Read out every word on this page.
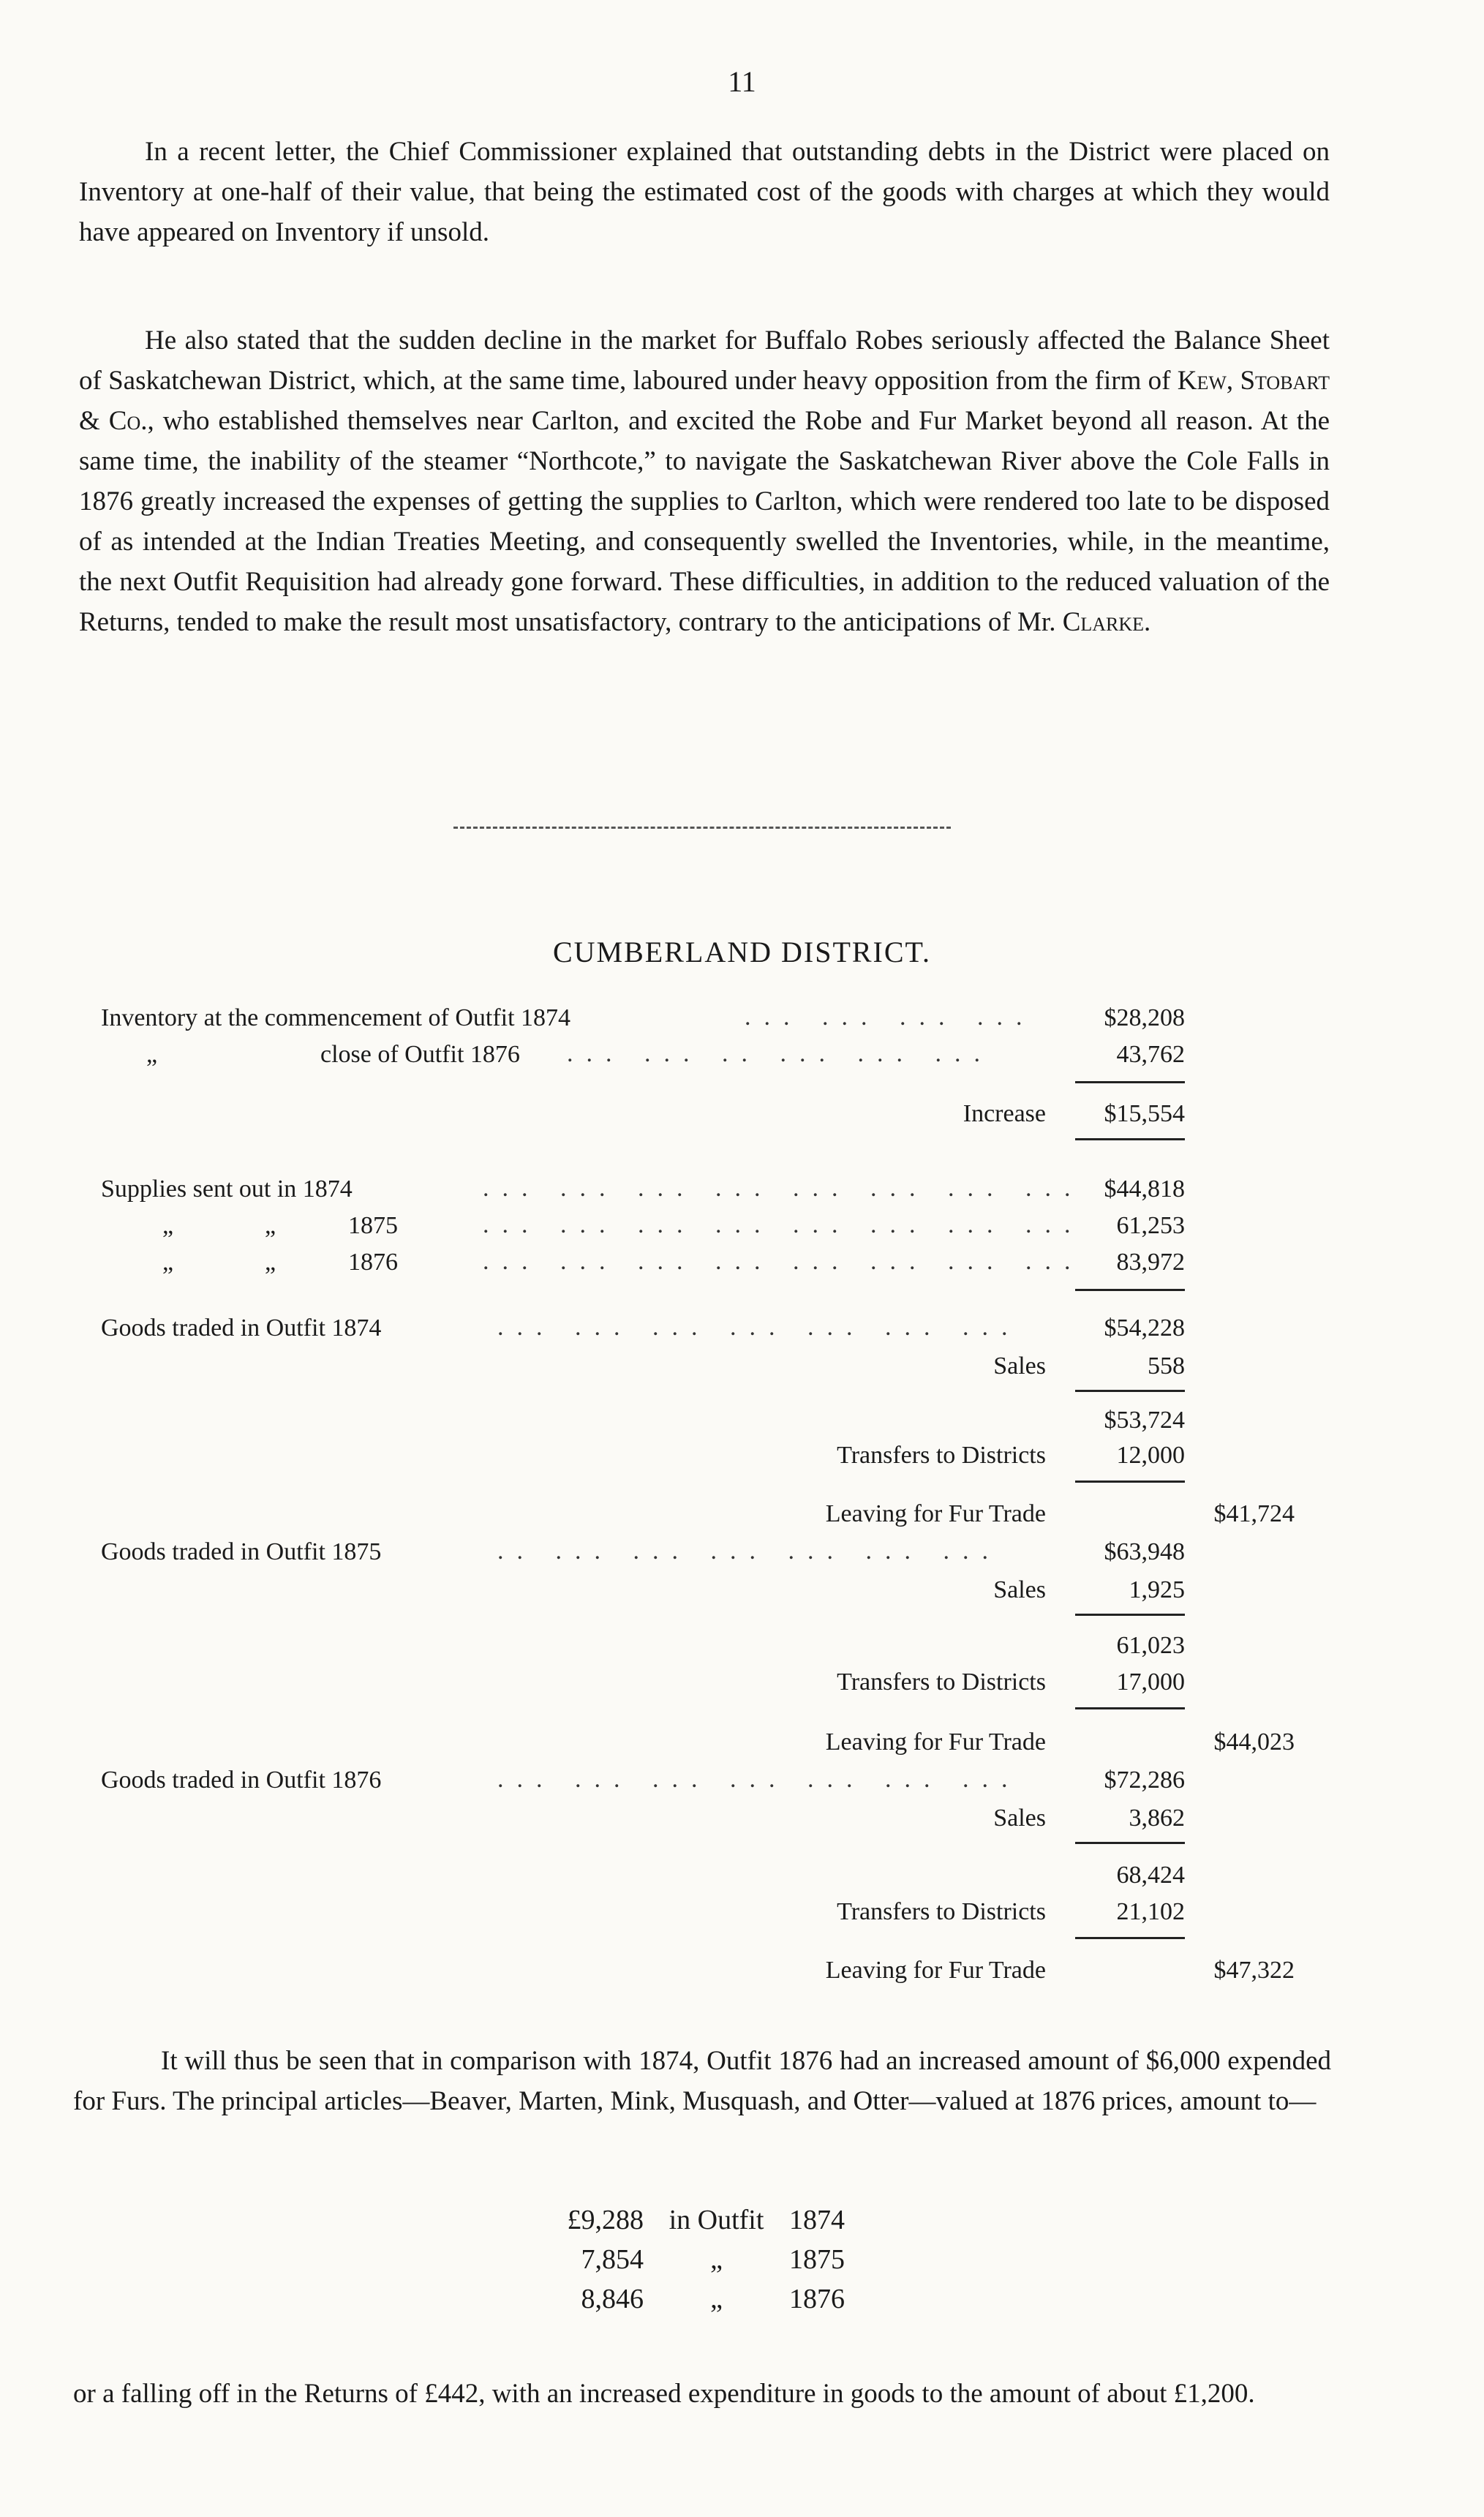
11
In a recent letter, the Chief Commissioner explained that outstanding debts in the District were placed on Inventory at one-half of their value, that being the estimated cost of the goods with charges at which they would have appeared on Inventory if unsold.
He also stated that the sudden decline in the market for Buffalo Robes seriously affected the Balance Sheet of Saskatchewan District, which, at the same time, laboured under heavy opposition from the firm of Kew, Stobart & Co., who established themselves near Carlton, and excited the Robe and Fur Market beyond all reason. At the same time, the inability of the steamer “Northcote,” to navigate the Saskatchewan River above the Cole Falls in 1876 greatly increased the expenses of getting the supplies to Carlton, which were rendered too late to be disposed of as intended at the Indian Treaties Meeting, and consequently swelled the Inventories, while, in the meantime, the next Outfit Requisition had already gone forward. These difficulties, in addition to the reduced valuation of the Returns, tended to make the result most unsatisfactory, contrary to the anticipations of Mr. Clarke.
CUMBERLAND DISTRICT.
Inventory at the commencement of Outfit 1874	... ... ... ...	$28,208
„	close of Outfit 1876 ... ... .. ... ... ...	43,762
Increase	$15,554
Supplies sent out in 1874	... ... ... ... ... ... ... ... $44,818
„	„	1875	... ... ... ... ... ... ... ...	61,253
„	„	1876	... ... ... ... ... ... ... ...	83,972
Goods traded in Outfit 1874	... ... ... ... ... ... ...	$54,228
Sales	558
$53,724
Transfers to Districts	12,000
Leaving for Fur Trade	$41,724
Goods traded in Outfit 1875	.. ... ... ... ... ... ...	$63,948
Sales	1,925
61,023
Transfers to Districts	17,000
Leaving for Fur Trade	$44,023
Goods traded in Outfit 1876	... ... ... ... ... ... ...	$72,286
Sales	3,862
68,424
Transfers to Districts	21,102
Leaving for Fur Trade	$47,322
It will thus be seen that in comparison with 1874, Outfit 1876 had an increased amount of $6,000 expended for Furs. The principal articles—Beaver, Marten, Mink, Musquash, and Otter—valued at 1876 prices, amount to—
£9,288 in Outfit 1874
7,854 „ 1875
8,846 „ 1876
or a falling off in the Returns of £442, with an increased expenditure in goods to the amount of about £1,200.
